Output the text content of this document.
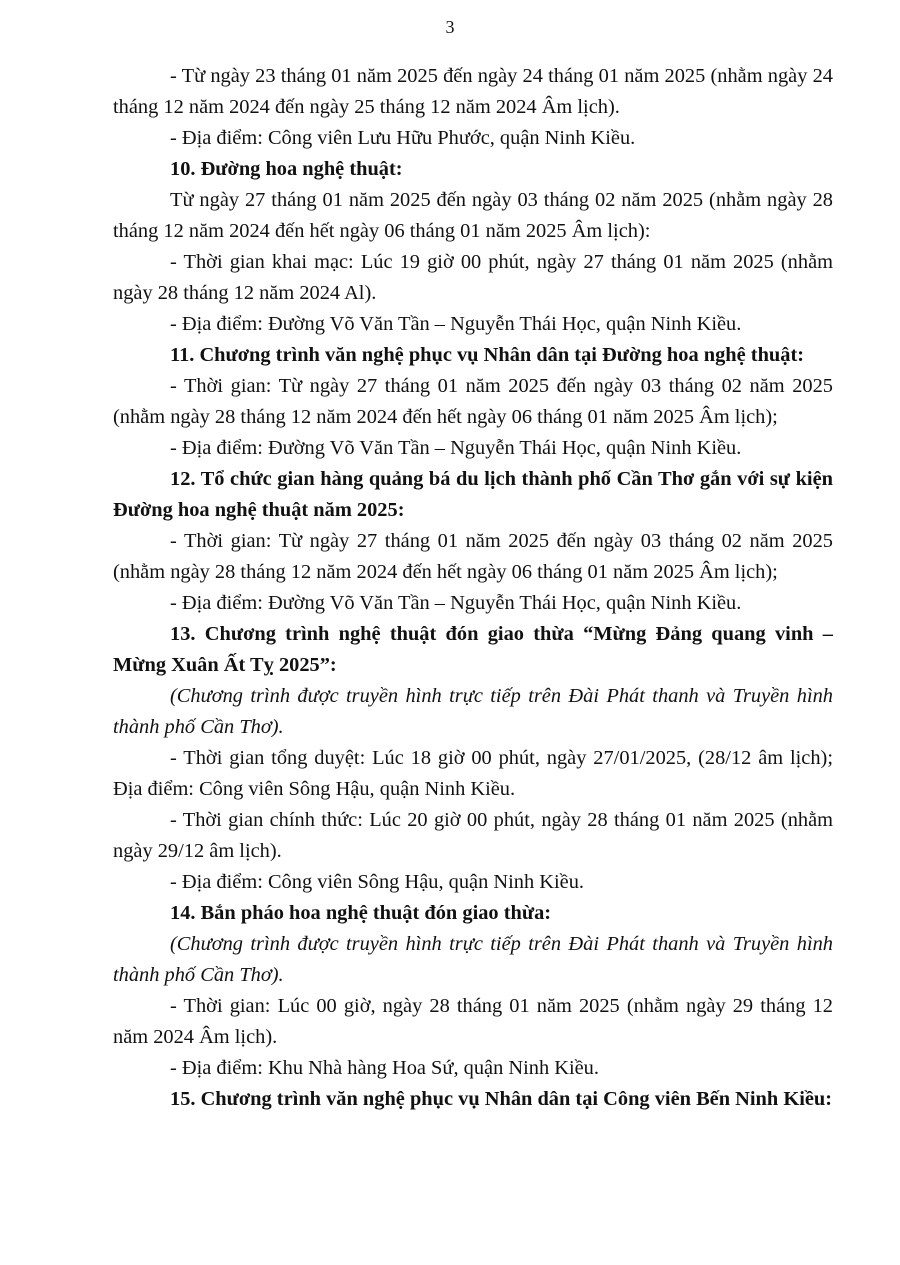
3

- Từ ngày 23 tháng 01 năm 2025 đến ngày 24 tháng 01 năm 2025 (nhằm ngày 24 tháng 12 năm 2024 đến ngày 25 tháng 12 năm 2024 Âm lịch).

- Địa điểm: Công viên Lưu Hữu Phước, quận Ninh Kiều.

10. Đường hoa nghệ thuật:

Từ ngày 27 tháng 01 năm 2025 đến ngày 03 tháng 02 năm 2025 (nhằm ngày 28 tháng 12 năm 2024 đến hết ngày 06 tháng 01 năm 2025 Âm lịch):

- Thời gian khai mạc: Lúc 19 giờ 00 phút, ngày 27 tháng 01 năm 2025 (nhằm ngày 28 tháng 12 năm 2024 Al).

- Địa điểm: Đường Võ Văn Tần – Nguyễn Thái Học, quận Ninh Kiều.

11. Chương trình văn nghệ phục vụ Nhân dân tại Đường hoa nghệ thuật:

- Thời gian: Từ ngày 27 tháng 01 năm 2025 đến ngày 03 tháng 02 năm 2025 (nhằm ngày 28 tháng 12 năm 2024 đến hết ngày 06 tháng 01 năm 2025 Âm lịch);

- Địa điểm: Đường Võ Văn Tần – Nguyễn Thái Học, quận Ninh Kiều.

12. Tổ chức gian hàng quảng bá du lịch thành phố Cần Thơ gắn với sự kiện Đường hoa nghệ thuật năm 2025:

- Thời gian: Từ ngày 27 tháng 01 năm 2025 đến ngày 03 tháng 02 năm 2025 (nhằm ngày 28 tháng 12 năm 2024 đến hết ngày 06 tháng 01 năm 2025 Âm lịch);

- Địa điểm: Đường Võ Văn Tần – Nguyễn Thái Học, quận Ninh Kiều.

13. Chương trình nghệ thuật đón giao thừa “Mừng Đảng quang vinh – Mừng Xuân Ất Tỵ 2025”:

(Chương trình được truyền hình trực tiếp trên Đài Phát thanh và Truyền hình thành phố Cần Thơ).

- Thời gian tổng duyệt: Lúc 18 giờ 00 phút, ngày 27/01/2025, (28/12 âm lịch); Địa điểm: Công viên Sông Hậu, quận Ninh Kiều.

- Thời gian chính thức: Lúc 20 giờ 00 phút, ngày 28 tháng 01 năm 2025 (nhằm ngày 29/12 âm lịch).

- Địa điểm: Công viên Sông Hậu, quận Ninh Kiều.

14. Bắn pháo hoa nghệ thuật đón giao thừa:

(Chương trình được truyền hình trực tiếp trên Đài Phát thanh và Truyền hình thành phố Cần Thơ).

- Thời gian: Lúc 00 giờ, ngày 28 tháng 01 năm 2025 (nhằm ngày 29 tháng 12 năm 2024 Âm lịch).

- Địa điểm: Khu Nhà hàng Hoa Sứ, quận Ninh Kiều.

15. Chương trình văn nghệ phục vụ Nhân dân tại Công viên Bến Ninh Kiều:
